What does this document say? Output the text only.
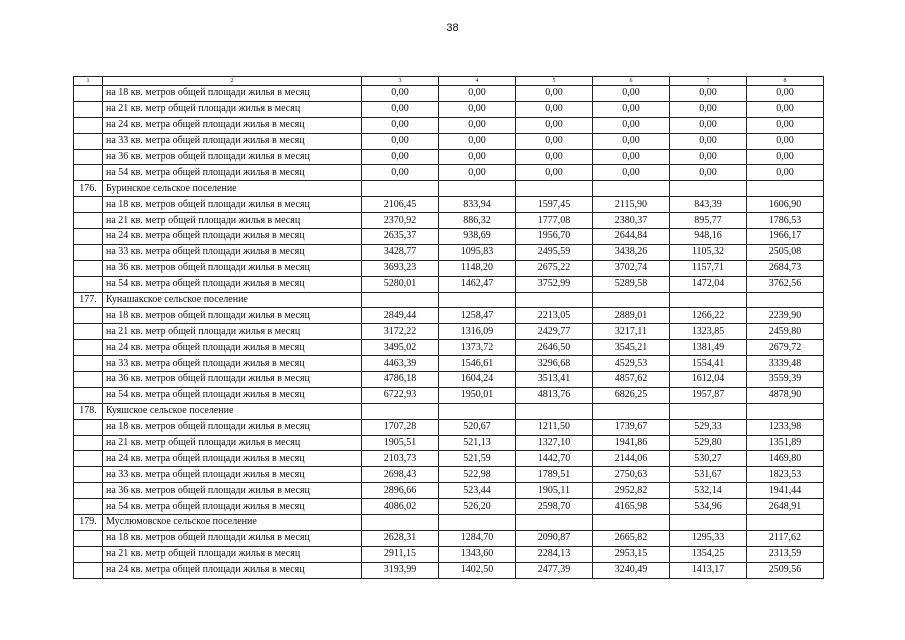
38
1	2	3	4	5	6	7	8
	на 18 кв. метров общей площади жилья в месяц	0,00	0,00	0,00	0,00	0,00	0,00
	на 21 кв. метр общей площади жилья в месяц	0,00	0,00	0,00	0,00	0,00	0,00
	на 24 кв. метра общей площади жилья в месяц	0,00	0,00	0,00	0,00	0,00	0,00
	на 33 кв. метра общей площади жилья в месяц	0,00	0,00	0,00	0,00	0,00	0,00
	на 36 кв. метров общей площади жилья в месяц	0,00	0,00	0,00	0,00	0,00	0,00
	на 54 кв. метра общей площади жилья в месяц	0,00	0,00	0,00	0,00	0,00	0,00
176.	Буринское сельское поселение						
	на 18 кв. метров общей площади жилья в месяц	2106,45	833,94	1597,45	2115,90	843,39	1606,90
	на 21 кв. метр общей площади жилья в месяц	2370,92	886,32	1777,08	2380,37	895,77	1786,53
	на 24 кв. метра общей площади жилья в месяц	2635,37	938,69	1956,70	2644,84	948,16	1966,17
	на 33 кв. метра общей площади жилья в месяц	3428,77	1095,83	2495,59	3438,26	1105,32	2505,08
	на 36 кв. метров общей площади жилья в месяц	3693,23	1148,20	2675,22	3702,74	1157,71	2684,73
	на 54 кв. метра общей площади жилья в месяц	5280,01	1462,47	3752,99	5289,58	1472,04	3762,56
177.	Кунашакское сельское поселение						
	на 18 кв. метров общей площади жилья в месяц	2849,44	1258,47	2213,05	2889,01	1266,22	2239,90
	на 21 кв. метр общей площади жилья в месяц	3172,22	1316,09	2429,77	3217,11	1323,85	2459,80
	на 24 кв. метра общей площади жилья в месяц	3495,02	1373,72	2646,50	3545,21	1381,49	2679,72
	на 33 кв. метра общей площади жилья в месяц	4463,39	1546,61	3296,68	4529,53	1554,41	3339,48
	на 36 кв. метров общей площади жилья в месяц	4786,18	1604,24	3513,41	4857,62	1612,04	3559,39
	на 54 кв. метра общей площади жилья в месяц	6722,93	1950,01	4813,76	6826,25	1957,87	4878,90
178.	Куяшское сельское поселение						
	на 18 кв. метров общей площади жилья в месяц	1707,28	520,67	1211,50	1739,67	529,33	1233,98
	на 21 кв. метр общей площади жилья в месяц	1905,51	521,13	1327,10	1941,86	529,80	1351,89
	на 24 кв. метра общей площади жилья в месяц	2103,73	521,59	1442,70	2144,06	530,27	1469,80
	на 33 кв. метра общей площади жилья в месяц	2698,43	522,98	1789,51	2750,63	531,67	1823,53
	на 36 кв. метров общей площади жилья в месяц	2896,66	523,44	1905,11	2952,82	532,14	1941,44
	на 54 кв. метра общей площади жилья в месяц	4086,02	526,20	2598,70	4165,98	534,96	2648,91
179.	Муслюмовское сельское поселение						
	на 18 кв. метров общей площади жилья в месяц	2628,31	1284,70	2090,87	2665,82	1295,33	2117,62
	на 21 кв. метр общей площади жилья в месяц	2911,15	1343,60	2284,13	2953,15	1354,25	2313,59
	на 24 кв. метра общей площади жилья в месяц	3193,99	1402,50	2477,39	3240,49	1413,17	2509,56
